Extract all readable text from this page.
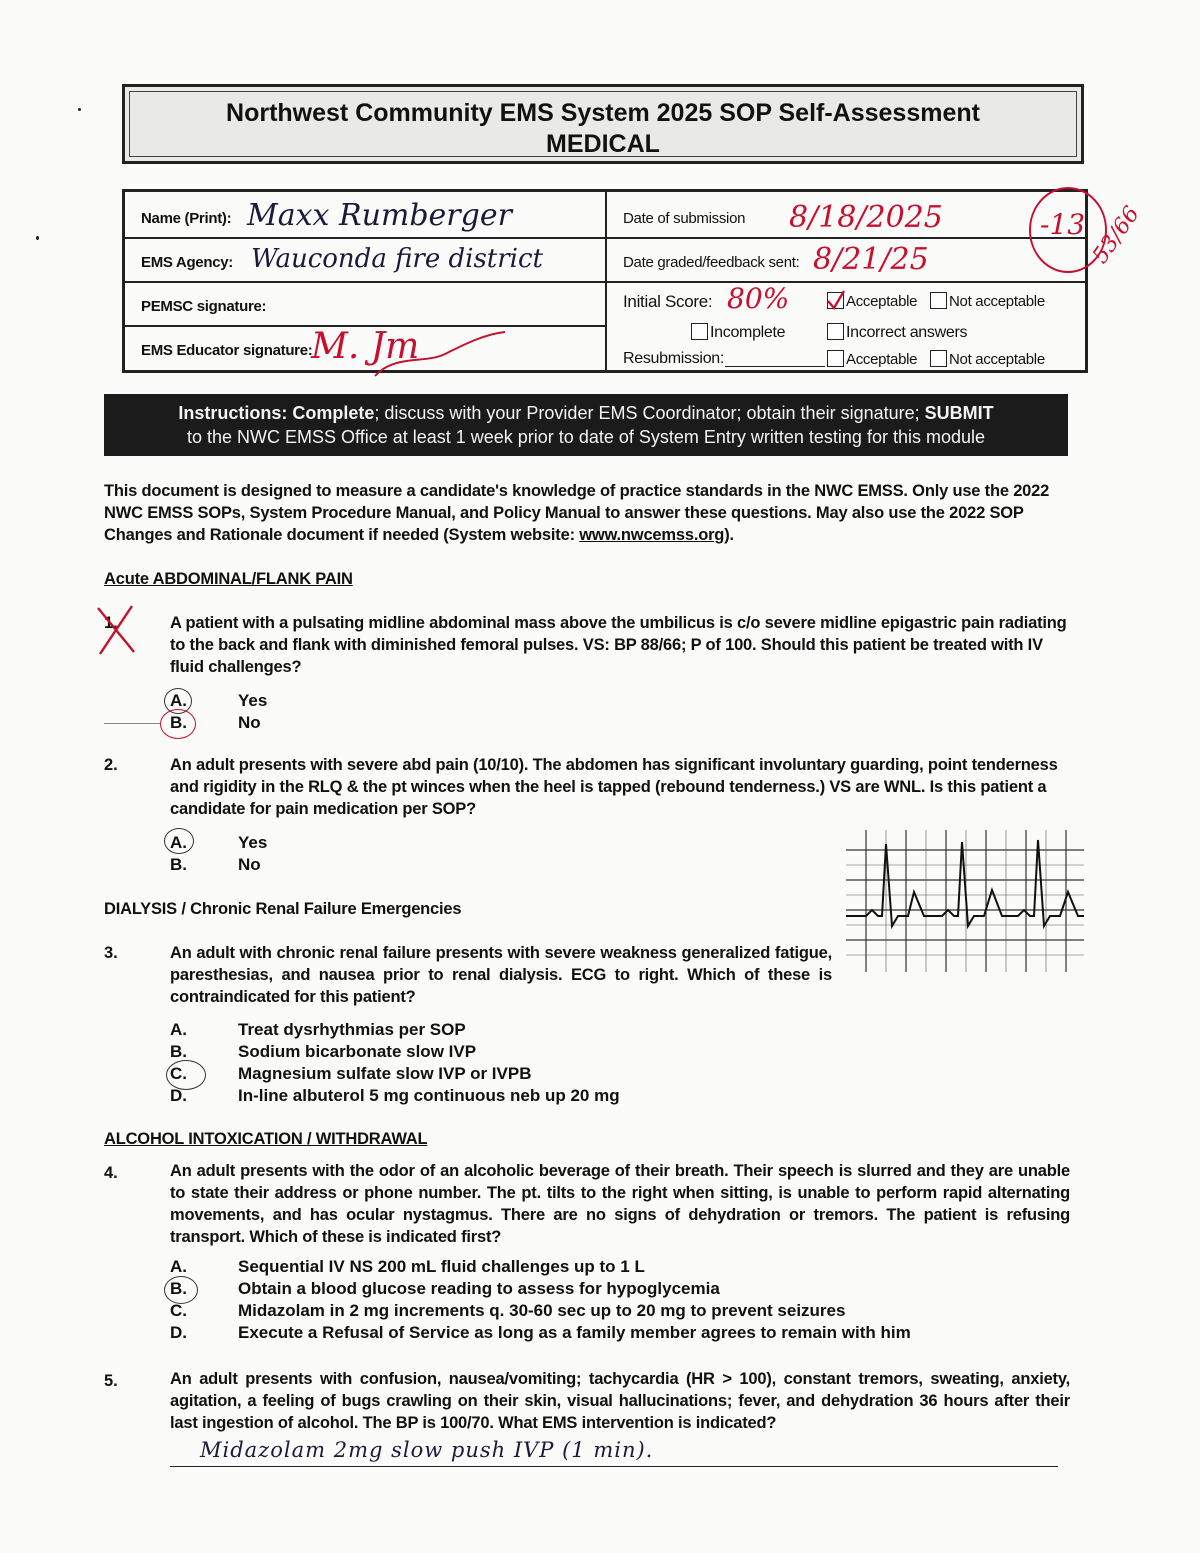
Northwest Community EMS System 2025 SOP Self-Assessment
MEDICAL
Name (Print): Maxx Rumberger
EMS Agency: Wauconda fire district
PEMSC signature:
EMS Educator signature:
M. Jm
Date of submission 8/18/2025
Date graded/feedback sent: 8/21/25
Initial Score: 80%	Acceptable	Not acceptable
Incomplete	Incorrect answers
Resubmission:	Acceptable	Not acceptable
-13 53/66
Instructions: Complete; discuss with your Provider EMS Coordinator; obtain their signature; SUBMIT
to the NWC EMSS Office at least 1 week prior to date of System Entry written testing for this module
This document is designed to measure a candidate's knowledge of practice standards in the NWC EMSS. Only use the 2022 NWC EMSS SOPs, System Procedure Manual, and Policy Manual to answer these questions. May also use the 2022 SOP Changes and Rationale document if needed (System website: www.nwcemss.org).
Acute ABDOMINAL/FLANK PAIN
1.	A patient with a pulsating midline abdominal mass above the umbilicus is c/o severe midline epigastric pain radiating to the back and flank with diminished femoral pulses. VS: BP 88/66; P of 100. Should this patient be treated with IV fluid challenges?
A.	Yes
B.	No
2.	An adult presents with severe abd pain (10/10). The abdomen has significant involuntary guarding, point tenderness and rigidity in the RLQ & the pt winces when the heel is tapped (rebound tenderness.) VS are WNL. Is this patient a candidate for pain medication per SOP?
A.	Yes
B.	No
DIALYSIS / Chronic Renal Failure Emergencies
3.	An adult with chronic renal failure presents with severe weakness generalized fatigue, paresthesias, and nausea prior to renal dialysis. ECG to right. Which of these is contraindicated for this patient?
A.	Treat dysrhythmias per SOP
B.	Sodium bicarbonate slow IVP
C.	Magnesium sulfate slow IVP or IVPB
D.	In-line albuterol 5 mg continuous neb up 20 mg
ALCOHOL INTOXICATION / WITHDRAWAL
4.	An adult presents with the odor of an alcoholic beverage of their breath. Their speech is slurred and they are unable to state their address or phone number. The pt. tilts to the right when sitting, is unable to perform rapid alternating movements, and has ocular nystagmus. There are no signs of dehydration or tremors. The patient is refusing transport. Which of these is indicated first?
A.	Sequential IV NS 200 mL fluid challenges up to 1 L
B.	Obtain a blood glucose reading to assess for hypoglycemia
C.	Midazolam in 2 mg increments q. 30-60 sec up to 20 mg to prevent seizures
D.	Execute a Refusal of Service as long as a family member agrees to remain with him
5.	An adult presents with confusion, nausea/vomiting; tachycardia (HR > 100), constant tremors, sweating, anxiety, agitation, a feeling of bugs crawling on their skin, visual hallucinations; fever, and dehydration 36 hours after their last ingestion of alcohol. The BP is 100/70. What EMS intervention is indicated?
Midazolam 2mg slow push IVP (1 min).
